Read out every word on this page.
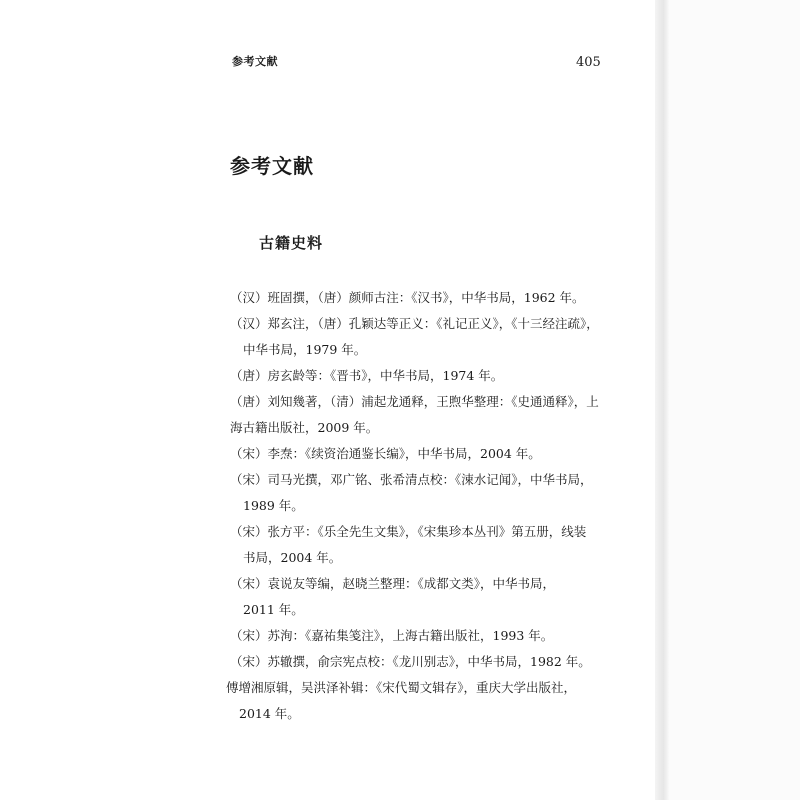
参考文献	405
参考文献
古籍史料
（汉）班固撰，（唐）颜师古注：《汉书》，中华书局，1962 年。
（汉）郑玄注，（唐）孔颖达等正义：《礼记正义》，《十三经注疏》，
中华书局，1979 年。
（唐）房玄龄等：《晋书》，中华书局，1974 年。
（唐）刘知幾著，（清）浦起龙通释，王煦华整理：《史通通释》，上
海古籍出版社，2009 年。
（宋）李焘：《续资治通鉴长编》，中华书局，2004 年。
（宋）司马光撰，邓广铭、张希清点校：《涑水记闻》，中华书局，
1989 年。
（宋）张方平：《乐全先生文集》，《宋集珍本丛刊》第五册，线装
书局，2004 年。
（宋）袁说友等编，赵晓兰整理：《成都文类》，中华书局，
2011 年。
（宋）苏洵：《嘉祐集笺注》，上海古籍出版社，1993 年。
（宋）苏辙撰，俞宗宪点校：《龙川别志》，中华书局，1982 年。
傅增湘原辑，吴洪泽补辑：《宋代蜀文辑存》，重庆大学出版社，
2014 年。
